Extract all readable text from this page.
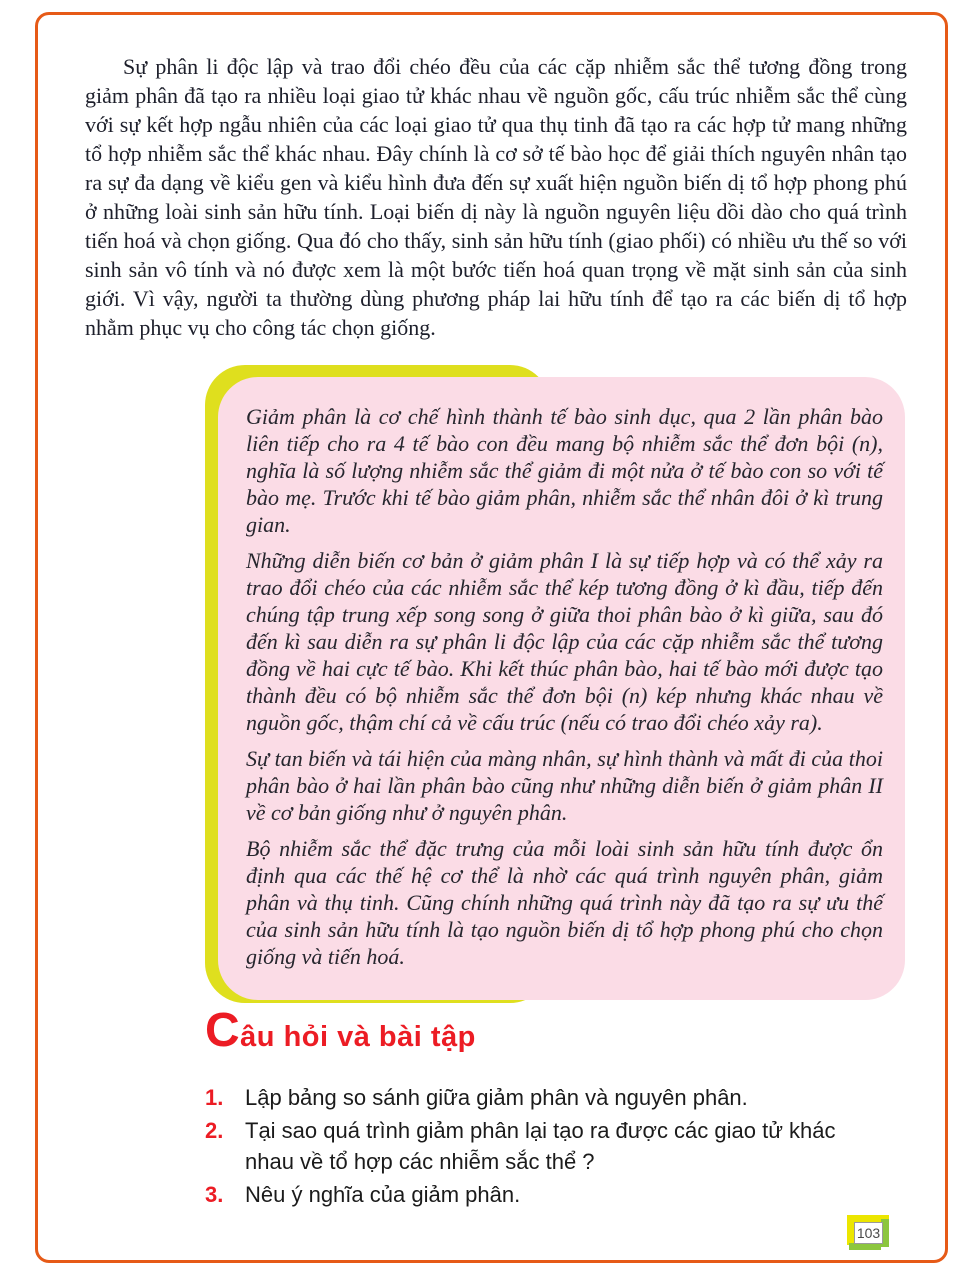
Sự phân li độc lập và trao đổi chéo đều của các cặp nhiễm sắc thể tương đồng trong giảm phân đã tạo ra nhiều loại giao tử khác nhau về nguồn gốc, cấu trúc nhiễm sắc thể cùng với sự kết hợp ngẫu nhiên của các loại giao tử qua thụ tinh đã tạo ra các hợp tử mang những tổ hợp nhiễm sắc thể khác nhau. Đây chính là cơ sở tế bào học để giải thích nguyên nhân tạo ra sự đa dạng về kiểu gen và kiểu hình đưa đến sự xuất hiện nguồn biến dị tổ hợp phong phú ở những loài sinh sản hữu tính. Loại biến dị này là nguồn nguyên liệu dồi dào cho quá trình tiến hoá và chọn giống. Qua đó cho thấy, sinh sản hữu tính (giao phối) có nhiều ưu thế so với sinh sản vô tính và nó được xem là một bước tiến hoá quan trọng về mặt sinh sản của sinh giới. Vì vậy, người ta thường dùng phương pháp lai hữu tính để tạo ra các biến dị tổ hợp nhằm phục vụ cho công tác chọn giống.

Giảm phân là cơ chế hình thành tế bào sinh dục, qua 2 lần phân bào liên tiếp cho ra 4 tế bào con đều mang bộ nhiễm sắc thể đơn bội (n), nghĩa là số lượng nhiễm sắc thể giảm đi một nửa ở tế bào con so với tế bào mẹ. Trước khi tế bào giảm phân, nhiễm sắc thể nhân đôi ở kì trung gian.

Những diễn biến cơ bản ở giảm phân I là sự tiếp hợp và có thể xảy ra trao đổi chéo của các nhiễm sắc thể kép tương đồng ở kì đầu, tiếp đến chúng tập trung xếp song song ở giữa thoi phân bào ở kì giữa, sau đó đến kì sau diễn ra sự phân li độc lập của các cặp nhiễm sắc thể tương đồng về hai cực tế bào. Khi kết thúc phân bào, hai tế bào mới được tạo thành đều có bộ nhiễm sắc thể đơn bội (n) kép nhưng khác nhau về nguồn gốc, thậm chí cả về cấu trúc (nếu có trao đổi chéo xảy ra).

Sự tan biến và tái hiện của màng nhân, sự hình thành và mất đi của thoi phân bào ở hai lần phân bào cũng như những diễn biến ở giảm phân II về cơ bản giống như ở nguyên phân.

Bộ nhiễm sắc thể đặc trưng của mỗi loài sinh sản hữu tính được ổn định qua các thế hệ cơ thể là nhờ các quá trình nguyên phân, giảm phân và thụ tinh. Cũng chính những quá trình này đã tạo ra sự ưu thế của sinh sản hữu tính là tạo nguồn biến dị tổ hợp phong phú cho chọn giống và tiến hoá.

Câu hỏi và bài tập
1. Lập bảng so sánh giữa giảm phân và nguyên phân.
2. Tại sao quá trình giảm phân lại tạo ra được các giao tử khác nhau về tổ hợp các nhiễm sắc thể ?
3. Nêu ý nghĩa của giảm phân.
103
